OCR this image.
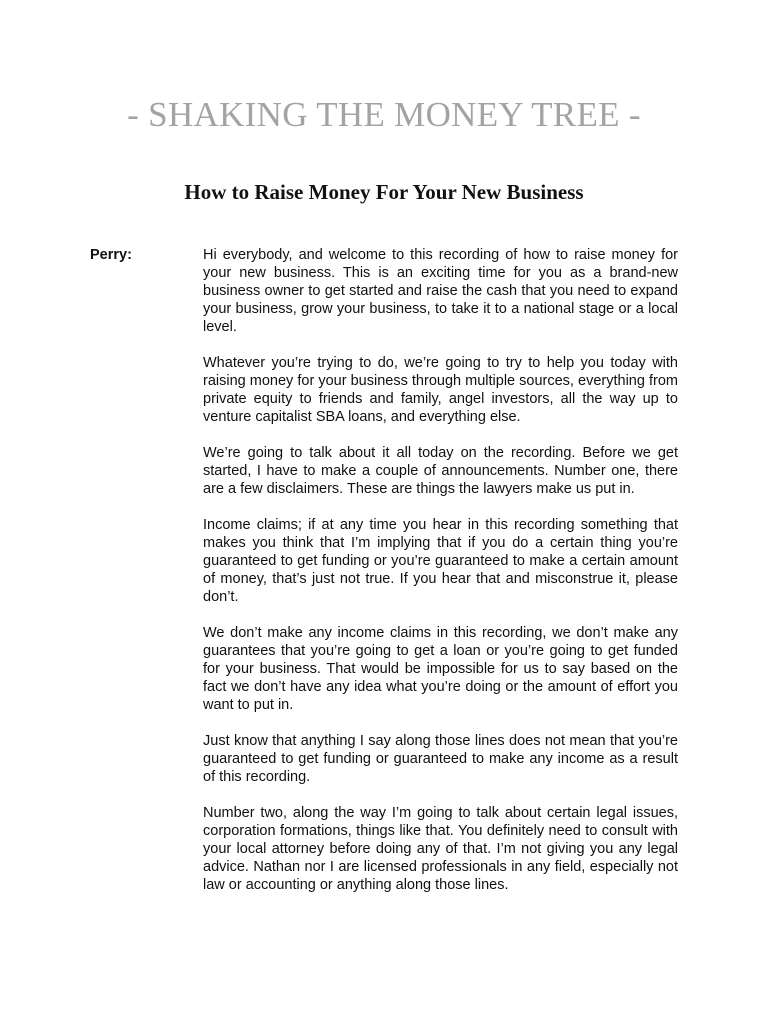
- SHAKING THE MONEY TREE -
How to Raise Money For Your New Business
Perry:	Hi everybody, and welcome to this recording of how to raise money for your new business. This is an exciting time for you as a brand-new business owner to get started and raise the cash that you need to expand your business, grow your business, to take it to a national stage or a local level.

Whatever you’re trying to do, we’re going to try to help you today with raising money for your business through multiple sources, everything from private equity to friends and family, angel investors, all the way up to venture capitalist SBA loans, and everything else.

We’re going to talk about it all today on the recording. Before we get started, I have to make a couple of announcements. Number one, there are a few disclaimers. These are things the lawyers make us put in.

Income claims; if at any time you hear in this recording something that makes you think that I’m implying that if you do a certain thing you’re guaranteed to get funding or you’re guaranteed to make a certain amount of money, that’s just not true. If you hear that and misconstrue it, please don’t.

We don’t make any income claims in this recording, we don’t make any guarantees that you’re going to get a loan or you’re going to get funded for your business. That would be impossible for us to say based on the fact we don’t have any idea what you’re doing or the amount of effort you want to put in.

Just know that anything I say along those lines does not mean that you’re guaranteed to get funding or guaranteed to make any income as a result of this recording.

Number two, along the way I’m going to talk about certain legal issues, corporation formations, things like that. You definitely need to consult with your local attorney before doing any of that. I’m not giving you any legal advice. Nathan nor I are licensed professionals in any field, especially not law or accounting or anything along those lines.
